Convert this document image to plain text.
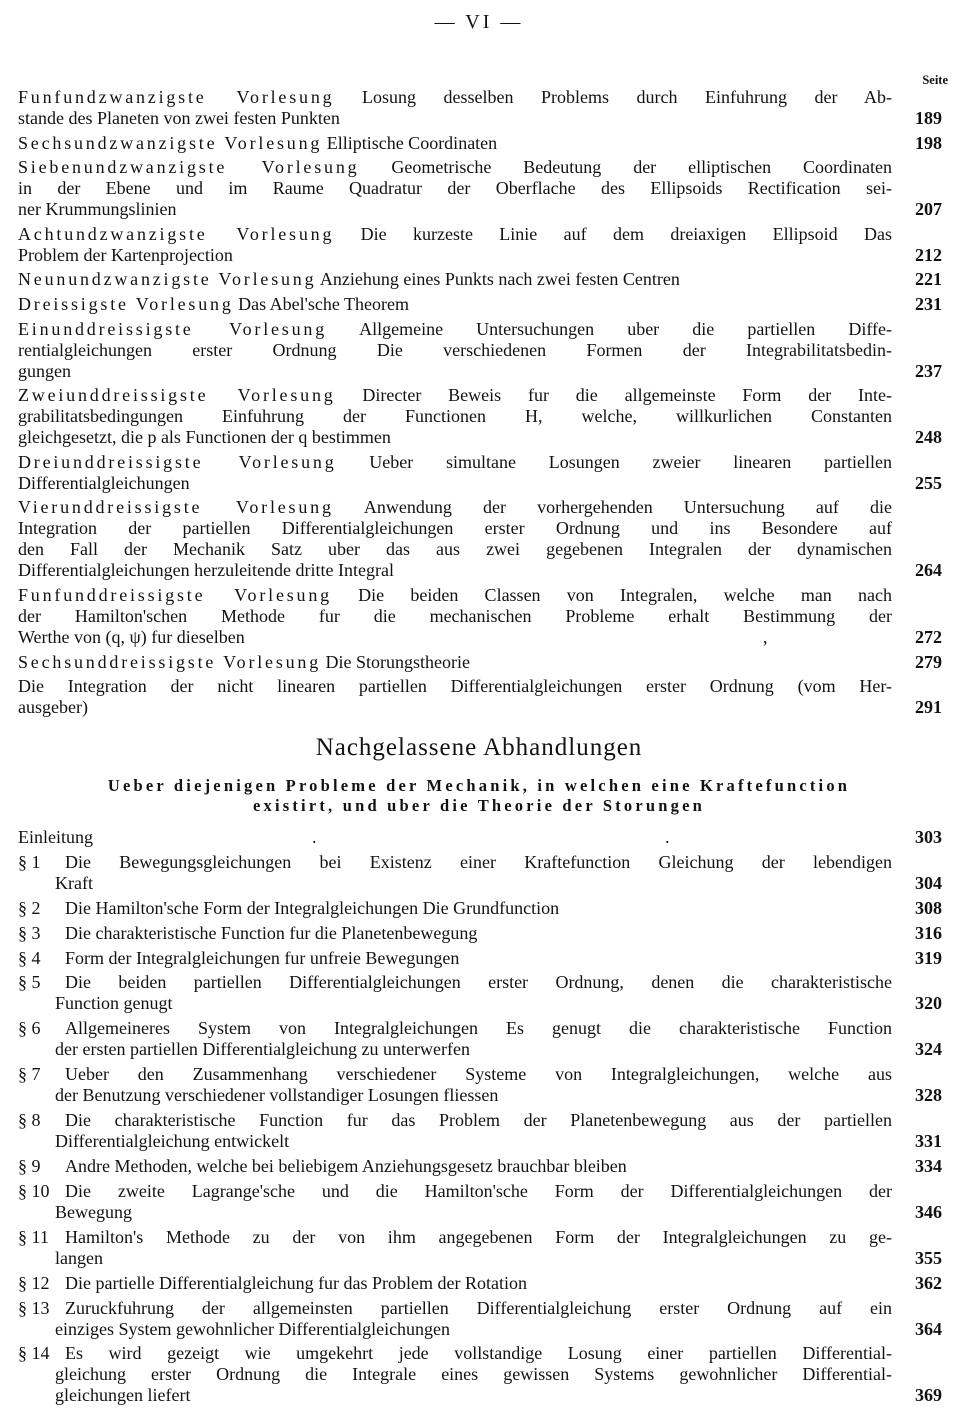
— VI —
Seite
Funfundzwanzigste Vorlesung Losung desselben Problems durch Einfuhrung der Ab-
stande des Planeten von zwei festen Punkten	189
Sechsundzwanzigste Vorlesung Elliptische Coordinaten	198
Siebenundzwanzigste Vorlesung Geometrische Bedeutung der elliptischen Coordinaten
in der Ebene und im Raume Quadratur der Oberflache des Ellipsoids Rectification sei-
ner Krummungslinien	207
Achtundzwanzigste Vorlesung Die kurzeste Linie auf dem dreiaxigen Ellipsoid Das
Problem der Kartenprojection	212
Neunundzwanzigste Vorlesung Anziehung eines Punkts nach zwei festen Centren	221
Dreissigste Vorlesung Das Abel'sche Theorem	231
Einunddreissigste Vorlesung Allgemeine Untersuchungen uber die partiellen Diffe-
rentialgleichungen erster Ordnung Die verschiedenen Formen der Integrabilitatsbedin-
gungen	237
Zweiunddreissigste Vorlesung Directer Beweis fur die allgemeinste Form der Inte-
grabilitatsbedingungen Einfuhrung der Functionen H, welche, willkurlichen Constanten
gleichgesetzt, die p als Functionen der q bestimmen	248
Dreiunddreissigste Vorlesung Ueber simultane Losungen zweier linearen partiellen
Differentialgleichungen	255
Vierunddreissigste Vorlesung Anwendung der vorhergehenden Untersuchung auf die
Integration der partiellen Differentialgleichungen erster Ordnung und ins Besondere auf
den Fall der Mechanik Satz uber das aus zwei gegebenen Integralen der dynamischen
Differentialgleichungen herzuleitende dritte Integral	264
Funfunddreissigste Vorlesung Die beiden Classen von Integralen, welche man nach
der Hamilton'schen Methode fur die mechanischen Probleme erhalt Bestimmung der
Werthe von (q, ψ) fur dieselben	,	272
Sechsunddreissigste Vorlesung Die Storungstheorie	279
Die Integration der nicht linearen partiellen Differentialgleichungen erster Ordnung (vom Her-
ausgeber)	291
Nachgelassene Abhandlungen
Ueber diejenigen Probleme der Mechanik, in welchen eine Kraftefunction
existirt, und uber die Theorie der Storungen
Einleitung	.	.	303
§ 1 Die Bewegungsgleichungen bei Existenz einer Kraftefunction Gleichung der lebendigen
Kraft	304
§ 2 Die Hamilton'sche Form der Integralgleichungen Die Grundfunction	308
§ 3 Die charakteristische Function fur die Planetenbewegung	316
§ 4 Form der Integralgleichungen fur unfreie Bewegungen	319
§ 5 Die beiden partiellen Differentialgleichungen erster Ordnung, denen die charakteristische
Function genugt	320
§ 6 Allgemeineres System von Integralgleichungen Es genugt die charakteristische Function
der ersten partiellen Differentialgleichung zu unterwerfen	324
§ 7 Ueber den Zusammenhang verschiedener Systeme von Integralgleichungen, welche aus
der Benutzung verschiedener vollstandiger Losungen fliessen	328
§ 8 Die charakteristische Function fur das Problem der Planetenbewegung aus der partiellen
Differentialgleichung entwickelt	331
§ 9 Andre Methoden, welche bei beliebigem Anziehungsgesetz brauchbar bleiben	334
§ 10 Die zweite Lagrange'sche und die Hamilton'sche Form der Differentialgleichungen der
Bewegung	346
§ 11 Hamilton's Methode zu der von ihm angegebenen Form der Integralgleichungen zu ge-
langen	355
§ 12 Die partielle Differentialgleichung fur das Problem der Rotation	362
§ 13 Zuruckfuhrung der allgemeinsten partiellen Differentialgleichung erster Ordnung auf ein
einziges System gewohnlicher Differentialgleichungen	364
§ 14 Es wird gezeigt wie umgekehrt jede vollstandige Losung einer partiellen Differential-
gleichung erster Ordnung die Integrale eines gewissen Systems gewohnlicher Differential-
gleichungen liefert	369
